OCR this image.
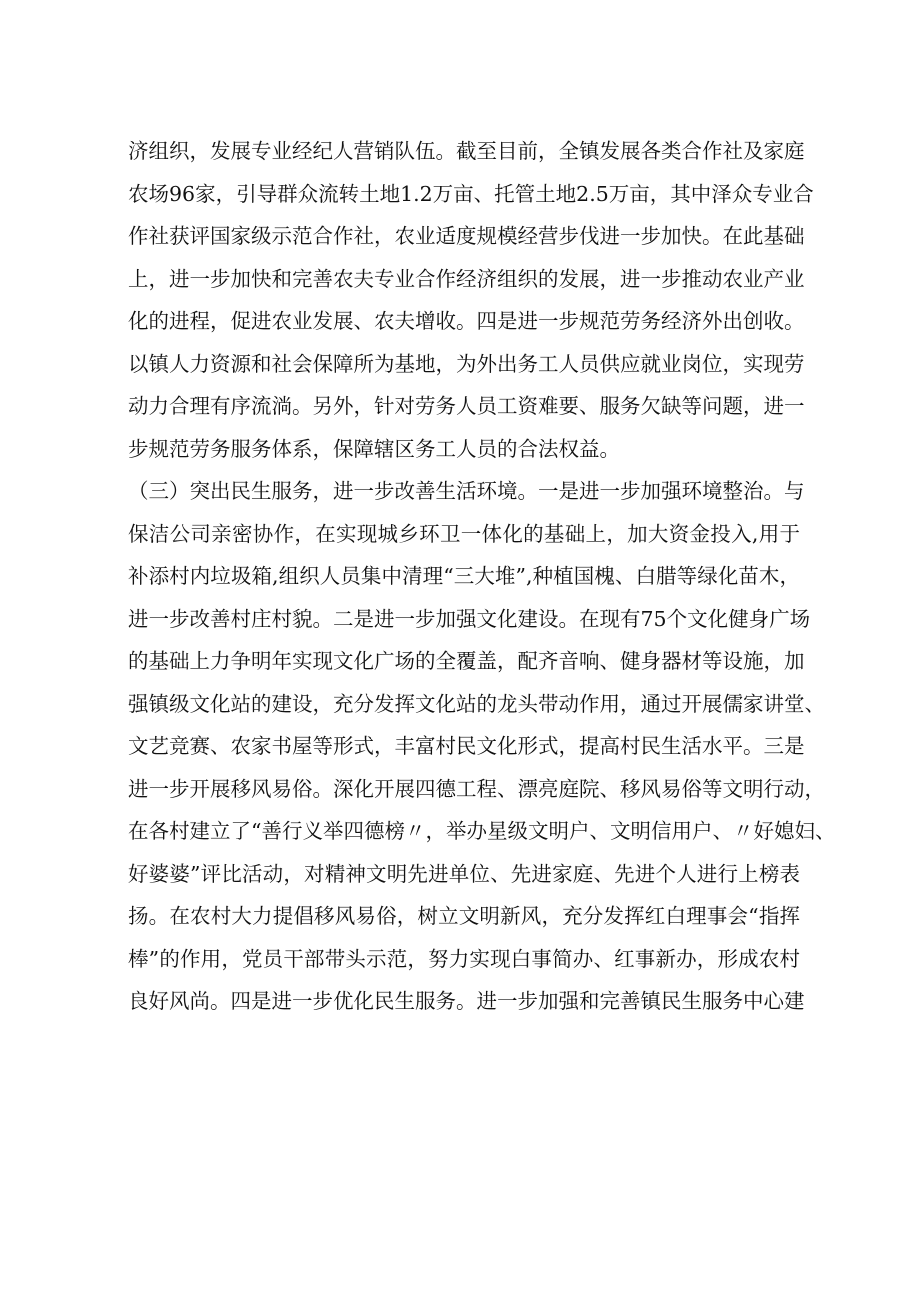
济组织，发展专业经纪人营销队伍。截至目前，全镇发展各类合作社及家庭
农场96家，引导群众流转土地1.2万亩、托管土地2.5万亩，其中泽众专业合
作社获评国家级示范合作社，农业适度规模经营步伐进一步加快。在此基础
上，进一步加快和完善农夫专业合作经济组织的发展，进一步推动农业产业
化的进程，促进农业发展、农夫增收。四是进一步规范劳务经济外出创收。
以镇人力资源和社会保障所为基地，为外出务工人员供应就业岗位，实现劳
动力合理有序流淌。另外，针对劳务人员工资难要、服务欠缺等问题，进一
步规范劳务服务体系，保障辖区务工人员的合法权益。
（三）突出民生服务，进一步改善生活环境。一是进一步加强环境整治。与
保洁公司亲密协作，在实现城乡环卫一体化的基础上，加大资金投入,用于
补添村内垃圾箱,组织人员集中清理“三大堆”,种植国槐、白腊等绿化苗木，
进一步改善村庄村貌。二是进一步加强文化建设。在现有75个文化健身广场
的基础上力争明年实现文化广场的全覆盖，配齐音响、健身器材等设施，加
强镇级文化站的建设，充分发挥文化站的龙头带动作用，通过开展儒家讲堂、
文艺竞赛、农家书屋等形式，丰富村民文化形式，提高村民生活水平。三是
进一步开展移风易俗。深化开展四德工程、漂亮庭院、移风易俗等文明行动，
在各村建立了“善行义举四德榜〃，举办星级文明户、文明信用户、〃好媳妇、
好婆婆”评比活动，对精神文明先进单位、先进家庭、先进个人进行上榜表
扬。在农村大力提倡移风易俗，树立文明新风，充分发挥红白理事会“指挥
棒”的作用，党员干部带头示范，努力实现白事简办、红事新办，形成农村
良好风尚。四是进一步优化民生服务。进一步加强和完善镇民生服务中心建
